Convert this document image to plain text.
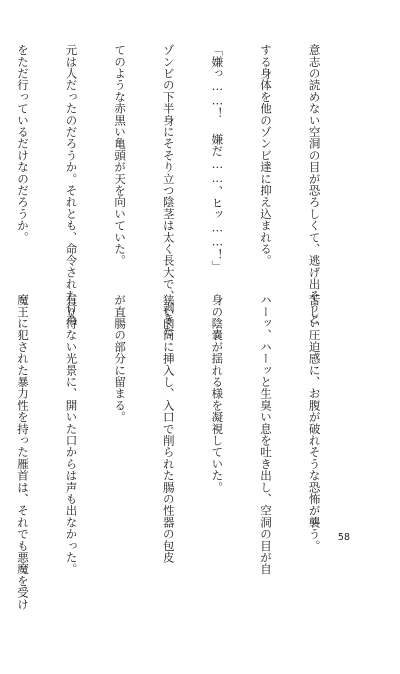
意志の読めない空洞の目が恐ろしくて、逃げ出そうと

する身体を他のゾンビ達に抑え込まれる。

「嫌っ……！ 嫌だ……、ヒッ……！」

ゾンビの下半身にそそり立つ陰茎は太く長大で、剥きた

てのような赤黒い亀頭が天を向いていた。

元は人だったのだろうか。それとも、命令された行為

をただ行っているだけなのだろうか。

苦しい圧迫感に、お腹が破れそうな恐怖が襲う。

ハーッ、ハーッと生臭い息を吐き出し、空洞の目が自

身の陰嚢が揺れる様を凝視していた。

狭い肉筒に挿入し、入口で削られた腸の性器の包皮

が直腸の部分に留まる。

有り得ない光景に、開いた口からは声も出なかった。

魔王に犯された暴力性を持った雁首は、それでも悪魔を受け

	58
